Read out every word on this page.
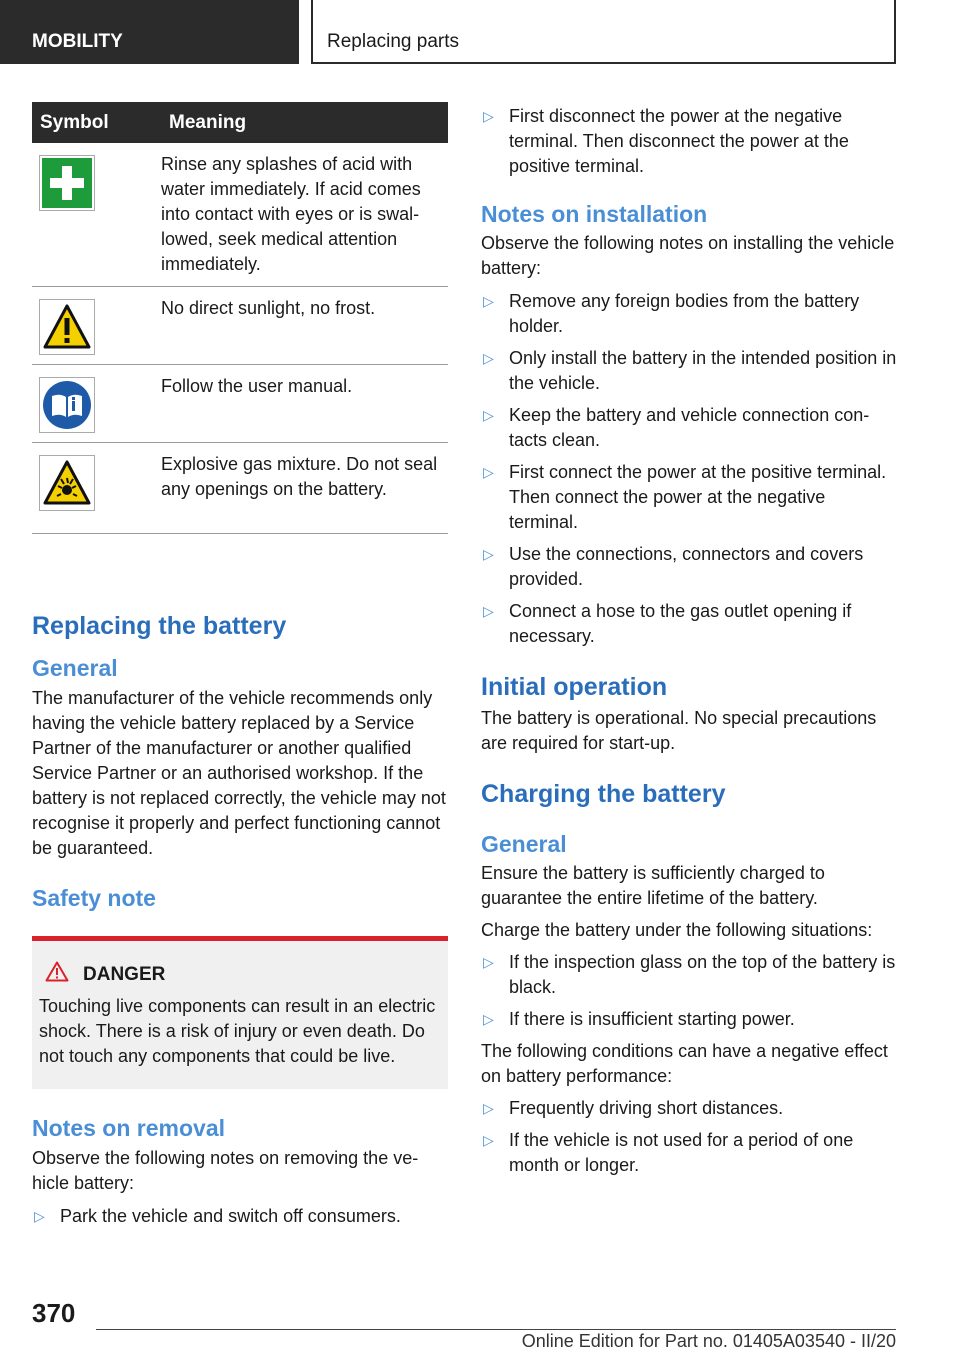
MOBILITY	Replacing parts
Symbol	Meaning

	Rinse any splashes of acid with water immediately. If acid comes into contact with eyes or is swallowed, seek medical attention immediately.

	No direct sunlight, no frost.

	Follow the user manual.

	Explosive gas mixture. Do not seal any openings on the battery.
Replacing the battery
General

The manufacturer of the vehicle recommends only having the vehicle battery replaced by a Service Partner of the manufacturer or another qualified Service Partner or an authorised workshop. If the battery is not replaced correctly, the vehicle may not recognise it properly and perfect functioning cannot be guaranteed.

Safety note
DANGER

Touching live components can result in an electric shock. There is a risk of injury or even death. Do not touch any components that could be live.

Notes on removal

Observe the following notes on removing the vehicle battery:

▷ Park the vehicle and switch off consumers.
▷ First disconnect the power at the negative terminal. Then disconnect the power at the positive terminal.
Notes on installation

Observe the following notes on installing the vehicle battery:

▷ Remove any foreign bodies from the battery holder.
▷ Only install the battery in the intended position in the vehicle.
▷ Keep the battery and vehicle connection contacts clean.
▷ First connect the power at the positive terminal. Then connect the power at the negative terminal.
▷ Use the connections, connectors and covers provided.
▷ Connect a hose to the gas outlet opening if necessary.
Initial operation

The battery is operational. No special precautions are required for start-up.

Charging the battery
General

Ensure the battery is sufficiently charged to guarantee the entire lifetime of the battery.

Charge the battery under the following situations:

▷ If the inspection glass on the top of the battery is black.
▷ If there is insufficient starting power.

The following conditions can have a negative effect on battery performance:

▷ Frequently driving short distances.
▷ If the vehicle is not used for a period of one month or longer.
370
Online Edition for Part no. 01405A03540 - II/20
